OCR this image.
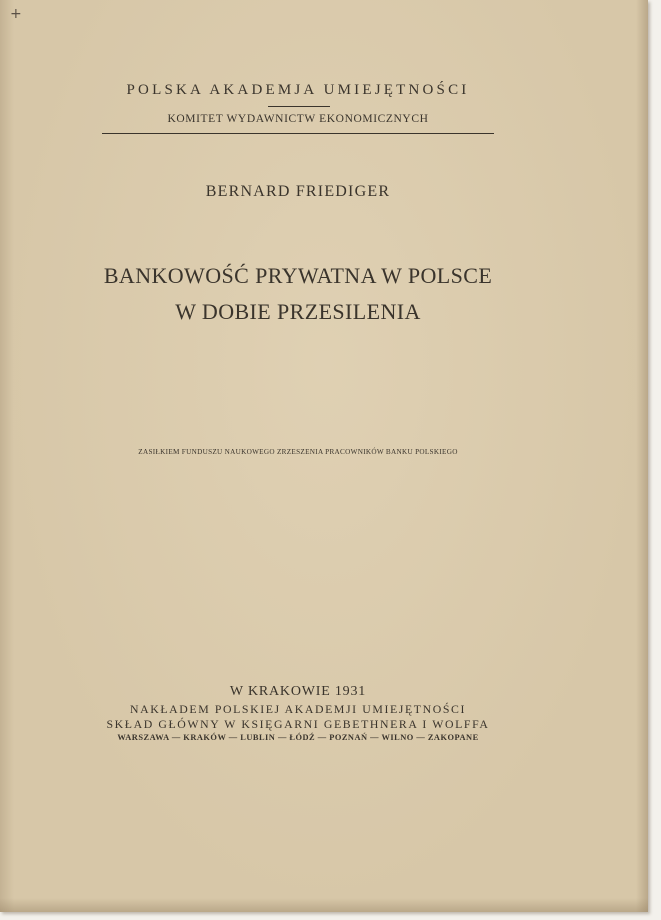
+
POLSKA AKADEMJA UMIEJĘTNOŚCI
KOMITET WYDAWNICTW EKONOMICZNYCH
BERNARD FRIEDIGER
BANKOWOŚĆ PRYWATNA W POLSCE
W DOBIE PRZESILENIA
ZASIŁKIEM FUNDUSZU NAUKOWEGO ZRZESZENIA PRACOWNIKÓW BANKU POLSKIEGO
W KRAKOWIE 1931
NAKŁADEM POLSKIEJ AKADEMJI UMIEJĘTNOŚCI
SKŁAD GŁÓWNY W KSIĘGARNI GEBETHNERA I WOLFFA
WARSZAWA — KRAKÓW — LUBLIN — ŁÓDŹ — POZNAŃ — WILNO — ZAKOPANE
